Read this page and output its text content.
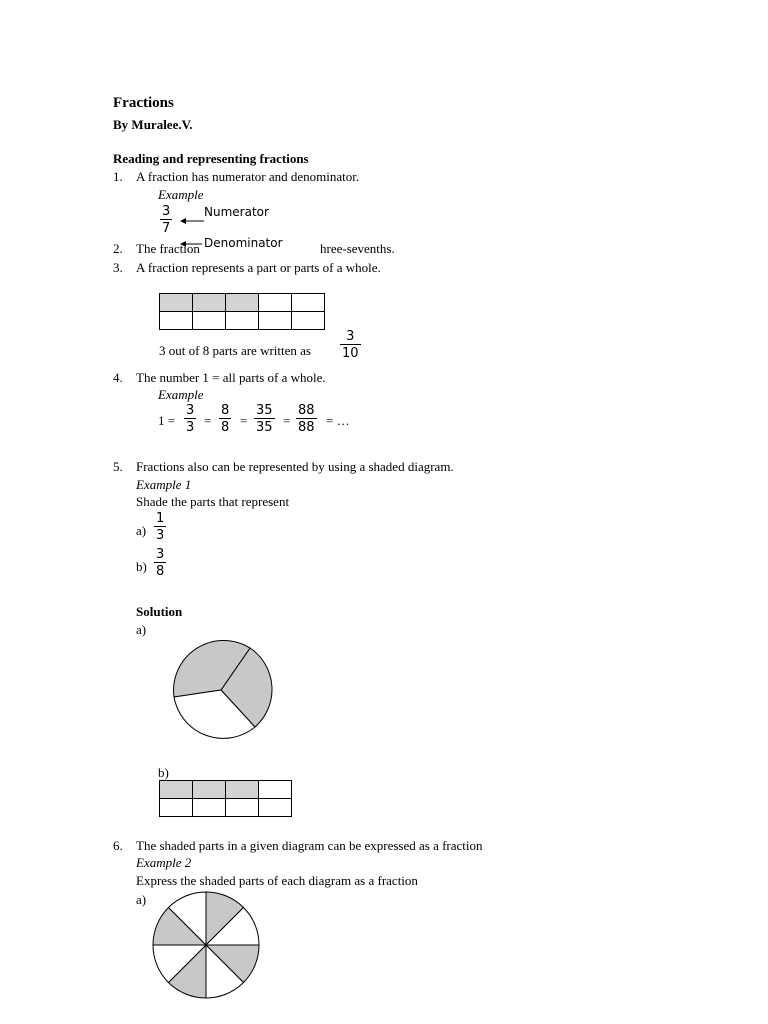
Fractions
By Muralee.V.
Reading and representing fractions
1. A fraction has numerator and denominator.
Example
3
7
Numerator
2. The fraction	hree-sevenths.
Denominator
3. A fraction represents a part or parts of a whole.

3 out of 8 parts are written as
3
10
4. The number 1 = all parts of a whole.
Example
1 =
3
3 =
8
8 =
35
35 =
88
88 = …
5. Fractions also can be represented by using a shaded diagram.
Example 1
Shade the parts that represent
a)
1
3
b)
3
8
Solution
a)
b)

6. The shaded parts in a given diagram can be expressed as a fraction
Example 2
Express the shaded parts of each diagram as a fraction
a)
